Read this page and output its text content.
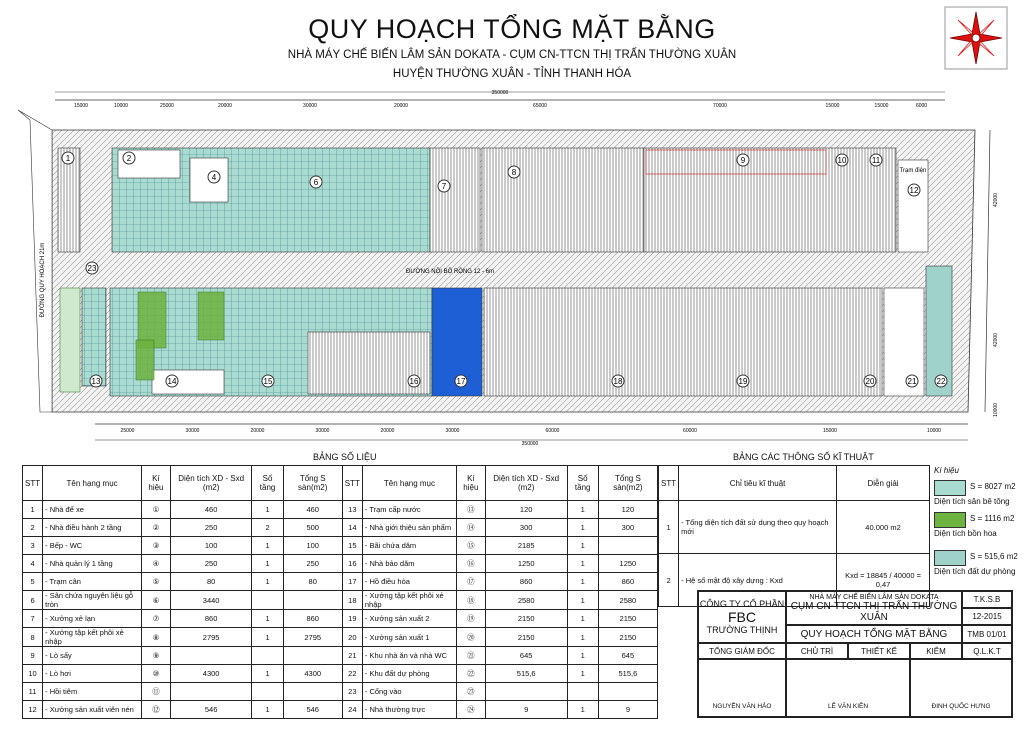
QUY HOẠCH TỔNG MẶT BẰNG
NHÀ MÁY CHẾ BIẾN LÂM SẢN DOKATA - CỤM CN-TTCN THỊ TRẤN THƯỜNG XUÂN
HUYỆN THƯỜNG XUÂN - TỈNH THANH HÓA
350000
ĐƯỜNG QUY HOẠCH 21m	ĐƯỜNG NỘI BỘ RỘNG 12 - 6m
1	2
4
6	7
8
9	10	11
12
13	14	15	16	17	18	19	20	21	22
23
Trạm điện
350000
15000	10000	25000	20000	30000	20000	65000	70000	15000	15000	6000
25000	30000	20000	30000	20000	30000	60000	60000	15000	10000
42000
42000
10000
BẢNG SỐ LIỆU
STT	Tên hạng mục	Kí hiệu	Diện tích XD - Sxd (m2)	Số tầng	Tổng S sàn(m2)	STT	Tên hạng mục	Kí hiệu	Diện tích XD - Sxd (m2)	Số tầng	Tổng S sàn(m2)
1	- Nhà để xe	①	460	1	460	13	- Trạm cấp nước	⑬	120	1	120
2	- Nhà điều hành 2 tầng	②	250	2	500	14	- Nhà giới thiệu sản phẩm	⑭	300	1	300
3	- Bếp - WC	③	100	1	100	15	- Bãi chứa dăm	⑮	2185	1	
4	- Nhà quản lý 1 tầng	④	250	1	250	16	- Nhà bảo dăm	⑯	1250	1	1250
5	- Trạm cân	⑤	80	1	80	17	- Hồ điều hòa	⑰	860	1	860
6	- Sân chứa nguyên liệu gỗ tròn	⑥	3440			18	- Xưởng tập kết phôi xẻ nhập	⑱	2580	1	2580
7	- Xưởng xẻ lạn	⑦	860	1	860	19	- Xưởng sản xuất 2	⑲	2150	1	2150
8	- Xưởng tập kết phôi xẻ nhập	⑧	2795	1	2795	20	- Xưởng sản xuất 1	⑳	2150	1	2150
9	- Lò sấy	⑨				21	- Khu nhà ăn và nhà WC	㉑	645	1	645
10	- Lò hơi	⑩	4300	1	4300	22	- Khu đất dự phòng	㉒	515,6	1	515,6
11	- Hồi tiêm	⑪				23	- Cổng vào	㉓			
12	- Xưởng sản xuất viên nén	⑫	546	1	546	24	- Nhà thường trực	㉔	9	1	9
BẢNG CÁC THÔNG SỐ KĨ THUẬT
STT	Chỉ tiêu kĩ thuật	Diễn giải
1	- Tổng diện tích đất sử dụng theo quy hoạch mới	40.000 m2
2	- Hệ số mật độ xây dựng : Kxd	Kxd = 18845 / 40000 = 0,47
Kí hiệu
S = 8027 m2
Diện tích sân bê tông
S = 1116 m2
Diện tích bồn hoa
S = 515,6 m2
Diện tích đất dự phòng
CÔNG TY CỔ PHẦN
FBC
TRƯỜNG THỊNH
NHÀ MÁY CHẾ BIẾN LÂM SẢN DOKATA
CỤM CN-TTCN THỊ TRẤN THƯỜNG XUÂN
QUY HOẠCH TỔNG MẶT BẰNG
T.K.S.B
12-2015
TMB 01/01
TỔNG GIÁM ĐỐC	CHỦ TRÌ	THIẾT KẾ	KIỂM	Q.L.K.T
NGUYỄN VĂN HẢO	LÊ VĂN KIÊN	ĐINH QUỐC HƯNG
